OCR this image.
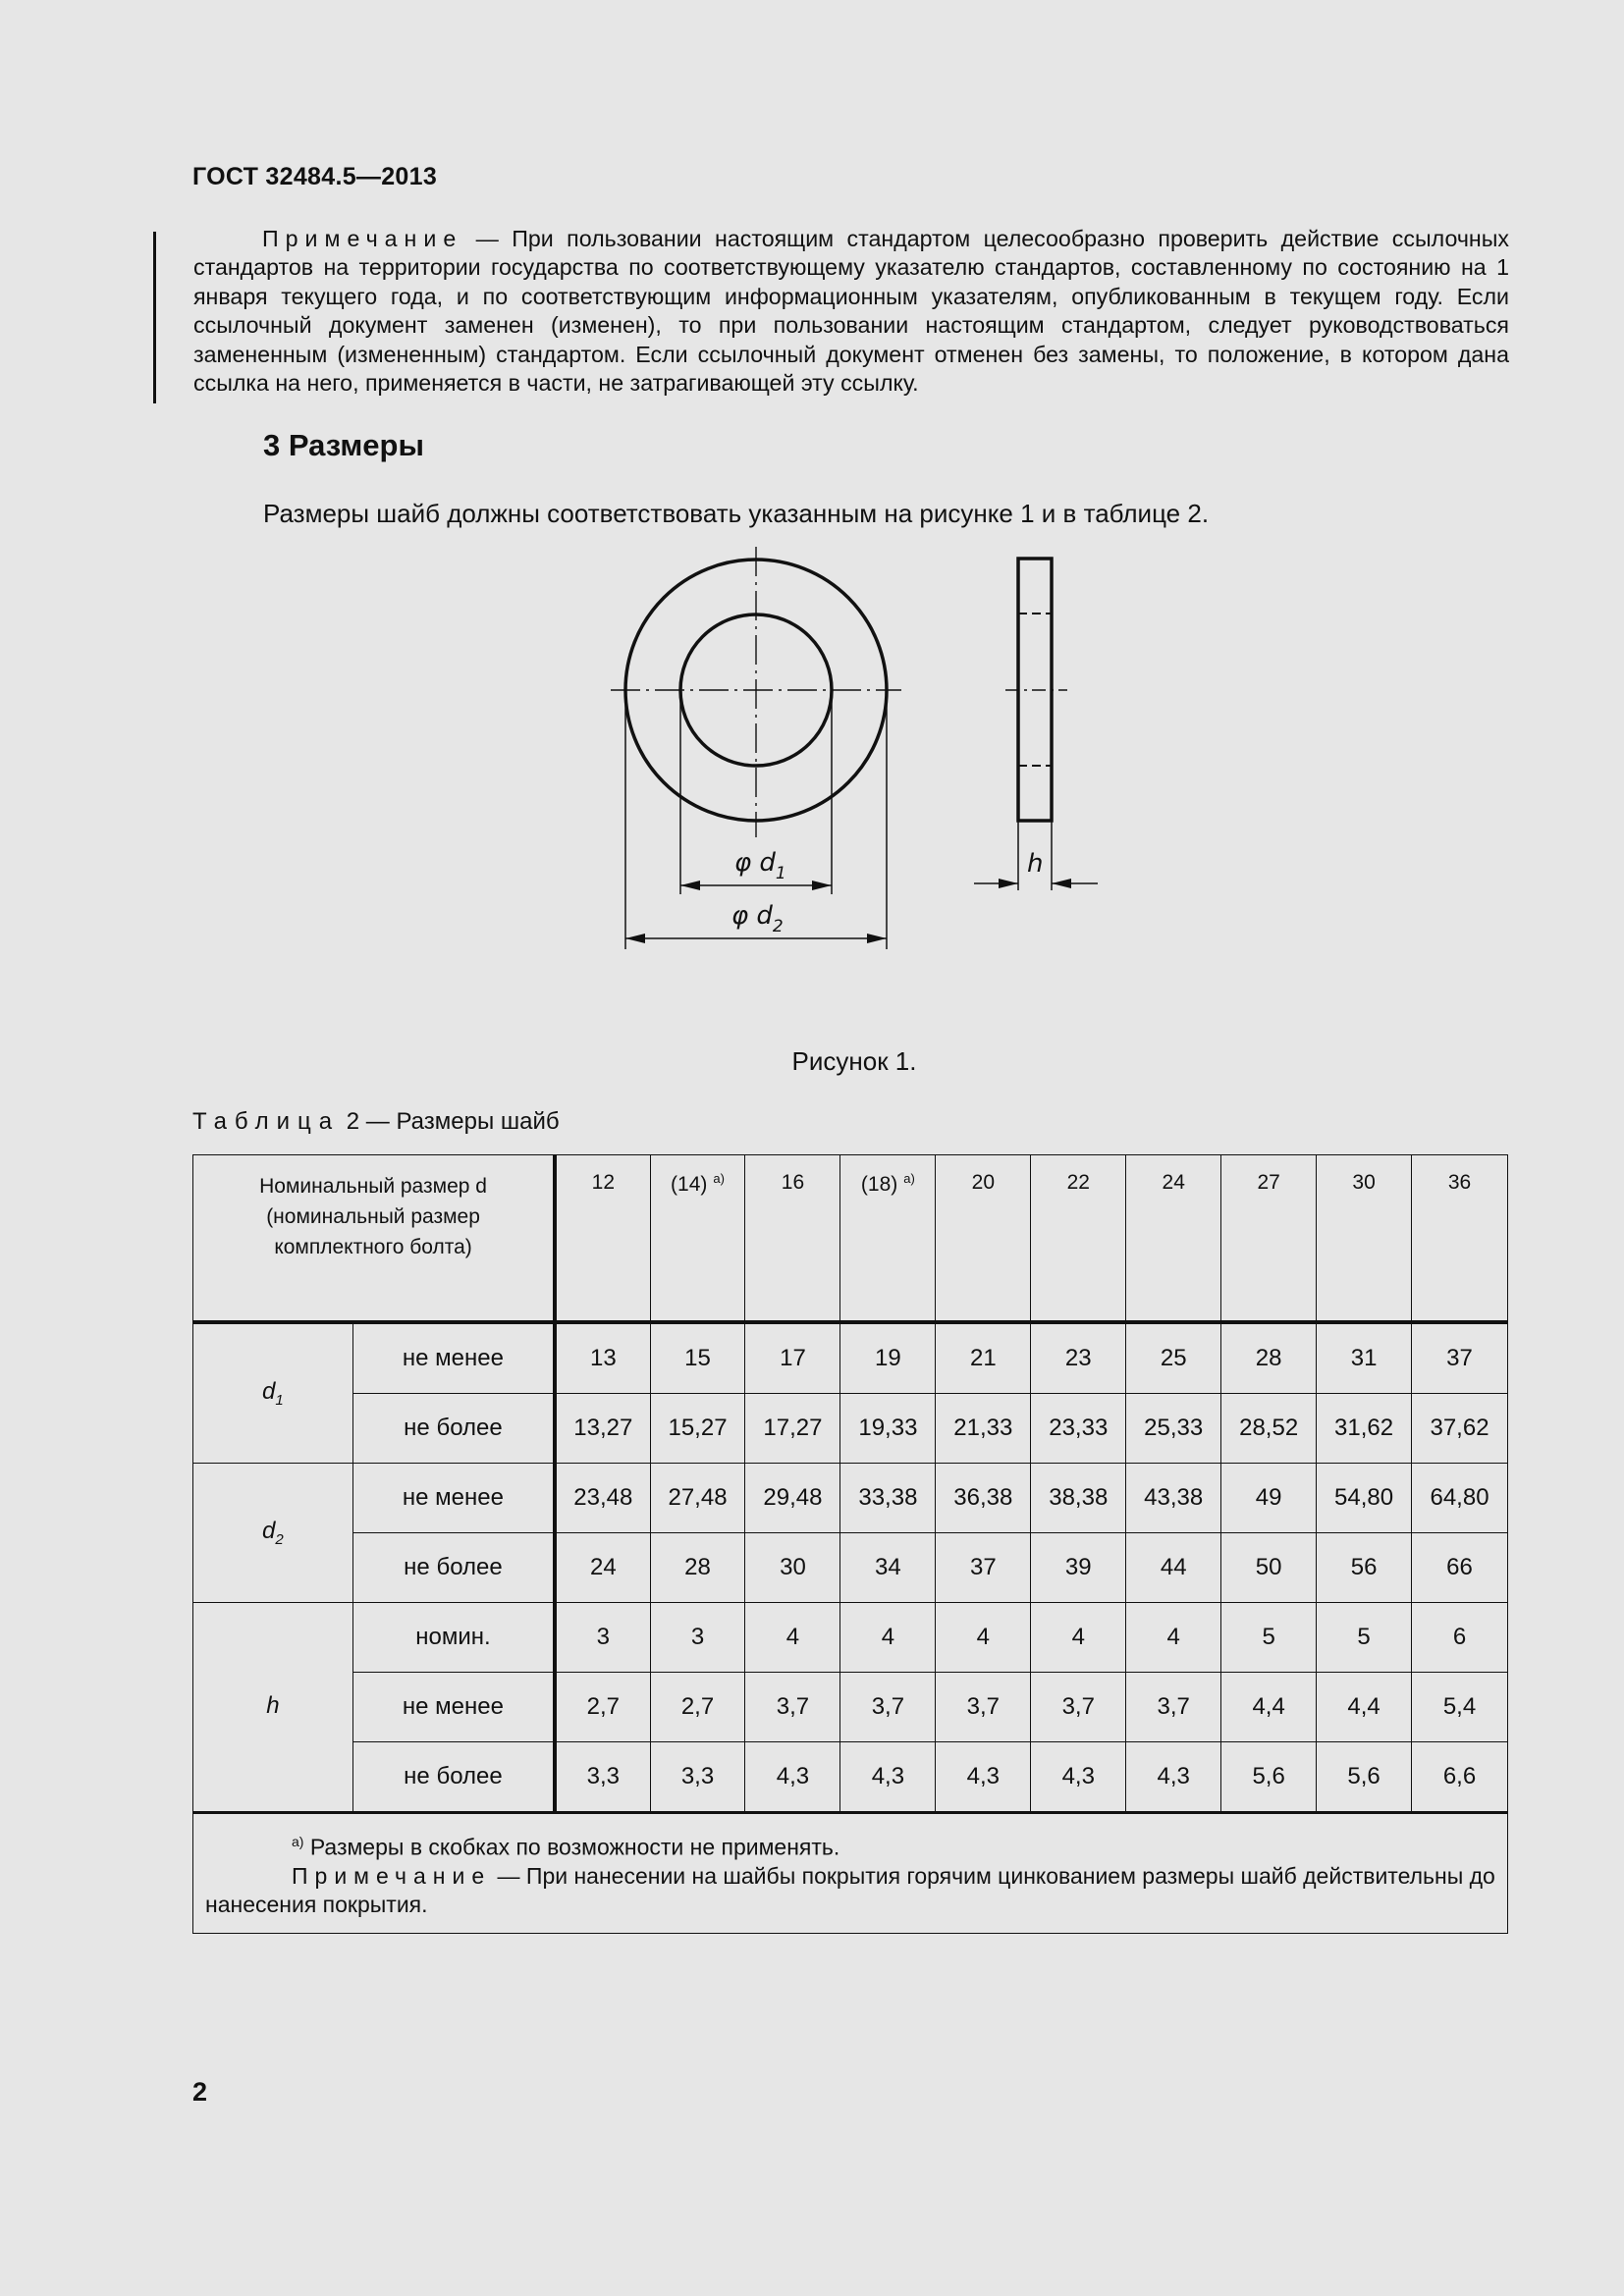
ГОСТ 32484.5—2013
Примечание — При пользовании настоящим стандартом целесообразно проверить действие ссылочных стандартов на территории государства по соответствующему указателю стандартов, составленному по состоянию на 1 января текущего года, и по соответствующим информационным указателям, опубликованным в текущем году. Если ссылочный документ заменен (изменен), то при пользовании настоящим стандартом, следует руководствоваться замененным (измененным) стандартом. Если ссылочный документ отменен без замены, то положение, в котором дана ссылка на него, применяется в части, не затрагивающей эту ссылку.
3 Размеры
Размеры шайб должны соответствовать указанным на рисунке 1 и в таблице 2.
φ $d_1$
φ $d_2$
h
Рисунок 1.
Таблица 2 — Размеры шайб
Номинальный размер d
(номинальный размер
комплектного болта)		12	(14) $^{а)}$	16	(18) $^{а)}$	20	22	24	27	30	36
$d_1$	не менее	13	15	17	19	21	23	25	28	31	37
	не более	13,27	15,27	17,27	19,33	21,33	23,33	25,33	28,52	31,62	37,62
$d_2$	не менее	23,48	27,48	29,48	33,38	36,38	38,38	43,38	49	54,80	64,80
	не более	24	28	30	34	37	39	44	50	56	66
h	номин.	3	3	4	4	4	4	4	5	5	6
	не менее	2,7	2,7	3,7	3,7	3,7	3,7	3,7	4,4	4,4	5,4
	не более	3,3	3,3	4,3	4,3	4,3	4,3	4,3	5,6	5,6	6,6

$^{а)}$ Размеры в скобках по возможности не применять.
Примечание — При нанесении на шайбы покрытия горячим цинкованием размеры шайб действительны до нанесения покрытия.											
2
